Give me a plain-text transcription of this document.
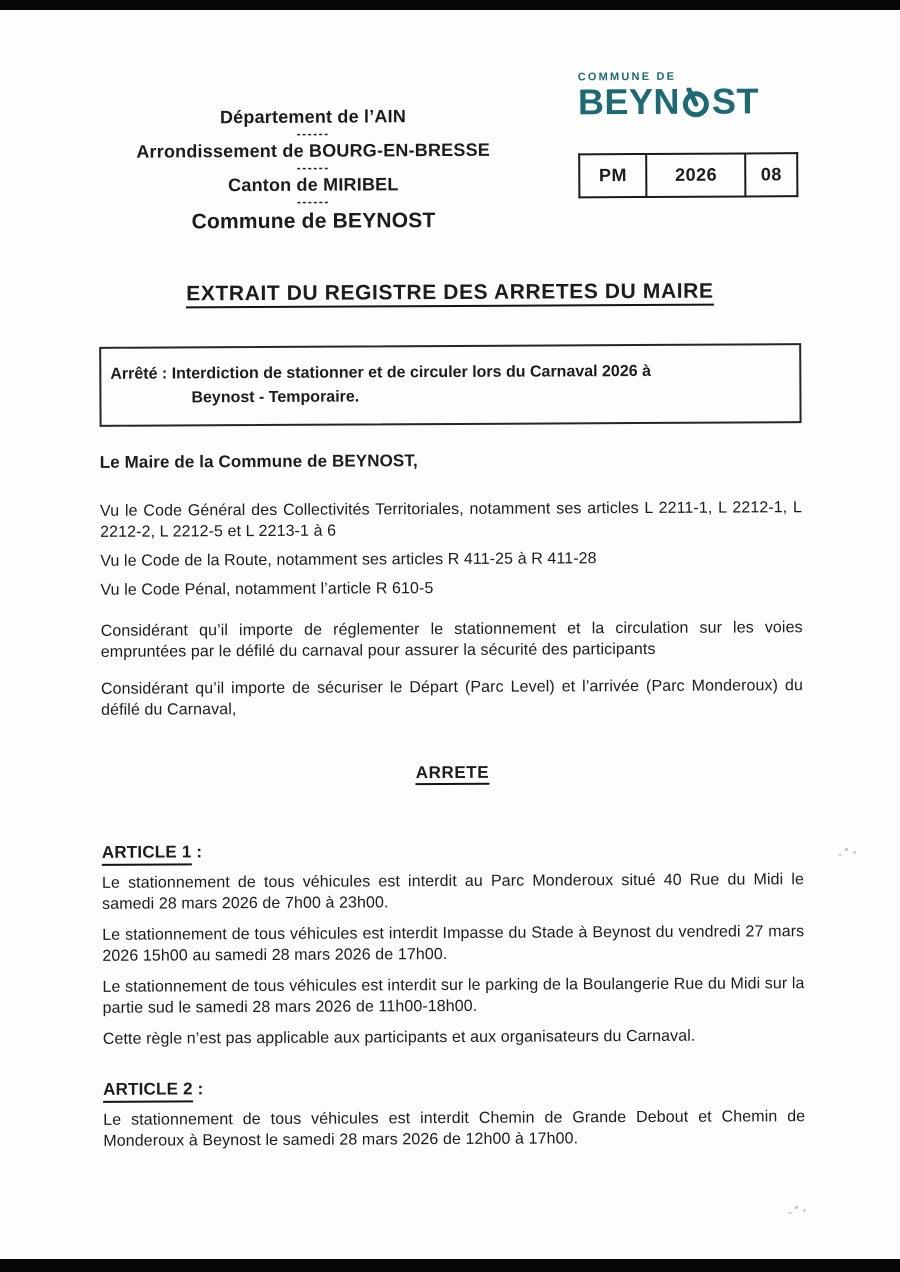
Département de l’AIN
------
Arrondissement de BOURG-EN-BRESSE
------
Canton de MIRIBEL
------
Commune de BEYNOST
COMMUNE DE
BEYN ST
PM	2026	08
EXTRAIT DU REGISTRE DES ARRETES DU MAIRE
Arrêté : Interdiction de stationner et de circuler lors du Carnaval 2026 à
Beynost - Temporaire.

Le Maire de la Commune de BEYNOST,

Vu le Code Général des Collectivités Territoriales, notamment ses articles L 2211-1, L 2212-1, L 2212-2, L 2212-5 et L 2213-1 à 6

Vu le Code de la Route, notamment ses articles R 411-25 à R 411-28

Vu le Code Pénal, notamment l’article R 610-5

Considérant qu’il importe de réglementer le stationnement et la circulation sur les voies empruntées par le défilé du carnaval pour assurer la sécurité des participants

Considérant qu’il importe de sécuriser le Départ (Parc Level) et l’arrivée (Parc Monderoux) du défilé du Carnaval,

ARRETE
ARTICLE 1 :

Le stationnement de tous véhicules est interdit au Parc Monderoux situé 40 Rue du Midi le samedi 28 mars 2026 de 7h00 à 23h00.

Le stationnement de tous véhicules est interdit Impasse du Stade à Beynost du vendredi 27 mars 2026 15h00 au samedi 28 mars 2026 de 17h00.

Le stationnement de tous véhicules est interdit sur le parking de la Boulangerie Rue du Midi sur la partie sud le samedi 28 mars 2026 de 11h00-18h00.

Cette règle n’est pas applicable aux participants et aux organisateurs du Carnaval.

ARTICLE 2 :

Le stationnement de tous véhicules est interdit Chemin de Grande Debout et Chemin de Monderoux à Beynost le samedi 28 mars 2026 de 12h00 à 17h00.
